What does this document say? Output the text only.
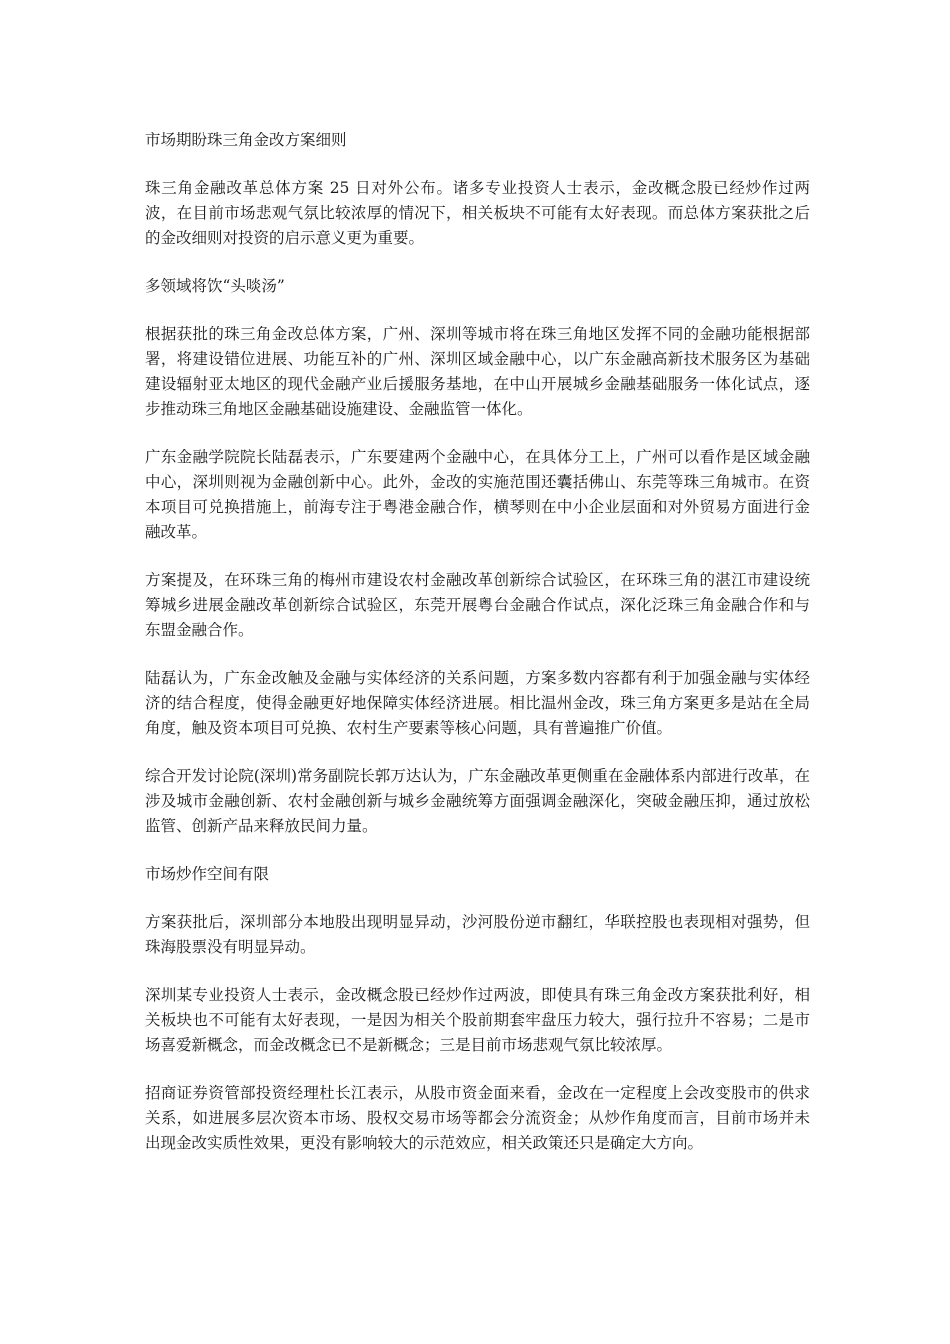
市场期盼珠三角金改方案细则

珠三角金融改革总体方案 25 日对外公布。诸多专业投资人士表示，金改概念股已经炒作过两波，在目前市场悲观气氛比较浓厚的情况下，相关板块不可能有太好表现。而总体方案获批之后的金改细则对投资的启示意义更为重要。

多领域将饮“头啖汤”

根据获批的珠三角金改总体方案，广州、深圳等城市将在珠三角地区发挥不同的金融功能根据部署，将建设错位进展、功能互补的广州、深圳区域金融中心，以广东金融高新技术服务区为基础建设辐射亚太地区的现代金融产业后援服务基地，在中山开展城乡金融基础服务一体化试点，逐步推动珠三角地区金融基础设施建设、金融监管一体化。

广东金融学院院长陆磊表示，广东要建两个金融中心，在具体分工上，广州可以看作是区域金融中心，深圳则视为金融创新中心。此外，金改的实施范围还囊括佛山、东莞等珠三角城市。在资本项目可兑换措施上，前海专注于粤港金融合作，横琴则在中小企业层面和对外贸易方面进行金融改革。

方案提及，在环珠三角的梅州市建设农村金融改革创新综合试验区，在环珠三角的湛江市建设统筹城乡进展金融改革创新综合试验区，东莞开展粤台金融合作试点，深化泛珠三角金融合作和与东盟金融合作。

陆磊认为，广东金改触及金融与实体经济的关系问题，方案多数内容都有利于加强金融与实体经济的结合程度，使得金融更好地保障实体经济进展。相比温州金改，珠三角方案更多是站在全局角度，触及资本项目可兑换、农村生产要素等核心问题，具有普遍推广价值。

综合开发讨论院(深圳)常务副院长郭万达认为，广东金融改革更侧重在金融体系内部进行改革，在涉及城市金融创新、农村金融创新与城乡金融统筹方面强调金融深化，突破金融压抑，通过放松监管、创新产品来释放民间力量。

市场炒作空间有限

方案获批后，深圳部分本地股出现明显异动，沙河股份逆市翻红，华联控股也表现相对强势，但珠海股票没有明显异动。

深圳某专业投资人士表示，金改概念股已经炒作过两波，即使具有珠三角金改方案获批利好，相关板块也不可能有太好表现，一是因为相关个股前期套牢盘压力较大，强行拉升不容易；二是市场喜爱新概念，而金改概念已不是新概念；三是目前市场悲观气氛比较浓厚。

招商证券资管部投资经理杜长江表示，从股市资金面来看，金改在一定程度上会改变股市的供求关系，如进展多层次资本市场、股权交易市场等都会分流资金；从炒作角度而言，目前市场并未出现金改实质性效果，更没有影响较大的示范效应，相关政策还只是确定大方向。
